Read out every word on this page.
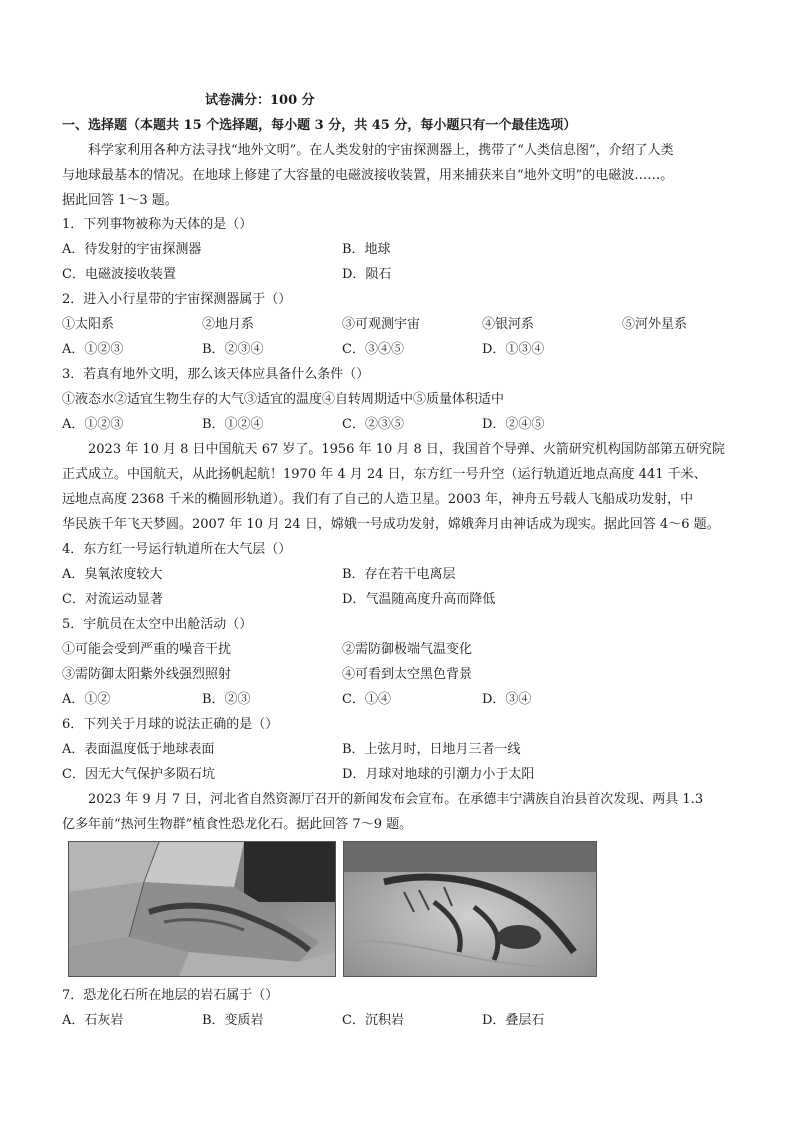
试卷满分：100 分
一、选择题（本题共 15 个选择题，每小题 3 分，共 45 分，每小题只有一个最佳选项）
科学家利用各种方法寻找“地外文明”。在人类发射的宇宙探测器上，携带了“人类信息图”，介绍了人类
与地球最基本的情况。在地球上修建了大容量的电磁波接收装置，用来捕获来自“地外文明”的电磁波……。
据此回答 1～3 题。
1．下列事物被称为天体的是（）
A．待发射的宇宙探测器	B．地球
C．电磁波接收装置	D．陨石
2．进入小行星带的宇宙探测器属于（）
①太阳系	②地月系	③可观测宇宙	④银河系	⑤河外星系
A．①②③	B．②③④	C．③④⑤	D．①③④
3．若真有地外文明，那么该天体应具备什么条件（）
①液态水②适宜生物生存的大气③适宜的温度④自转周期适中⑤质量体积适中
A．①②③	B．①②④	C．②③⑤	D．②④⑤
2023 年 10 月 8 日中国航天 67 岁了。1956 年 10 月 8 日，我国首个导弹、火箭研究机构国防部第五研究院
正式成立。中国航天，从此扬帆起航！1970 年 4 月 24 日，东方红一号升空（运行轨道近地点高度 441 千米、
远地点高度 2368 千米的椭圆形轨道）。我们有了自己的人造卫星。2003 年，神舟五号载人飞船成功发射，中
华民族千年飞天梦圆。2007 年 10 月 24 日，嫦娥一号成功发射，嫦娥奔月由神话成为现实。据此回答 4～6 题。
4．东方红一号运行轨道所在大气层（）
A．臭氧浓度较大	B．存在若干电离层
C．对流运动显著	D．气温随高度升高而降低
5．宇航员在太空中出舱活动（）
①可能会受到严重的噪音干扰	②需防御极端气温变化
③需防御太阳紫外线强烈照射	④可看到太空黑色背景
A．①②	B．②③	C．①④	D．③④
6．下列关于月球的说法正确的是（）
A．表面温度低于地球表面	B．上弦月时，日地月三者一线
C．因无大气保护多陨石坑	D．月球对地球的引潮力小于太阳
2023 年 9 月 7 日，河北省自然资源厅召开的新闻发布会宣布。在承德丰宁满族自治县首次发现、两具 1.3
亿多年前“热河生物群”植食性恐龙化石。据此回答 7～9 题。
7．恐龙化石所在地层的岩石属于（）
A．石灰岩	B．变质岩	C．沉积岩	D．叠层石
